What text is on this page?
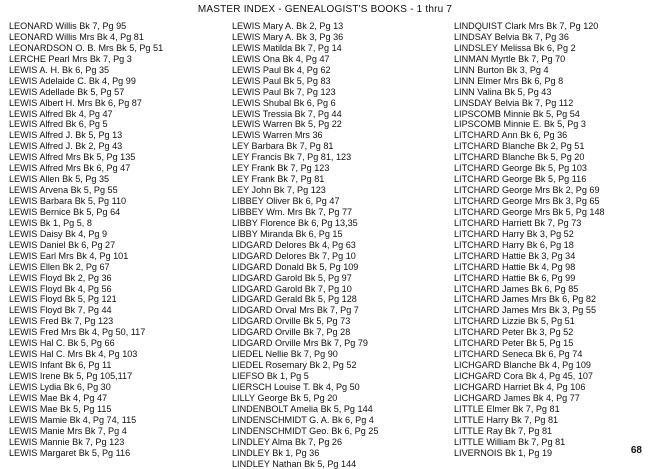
MASTER INDEX - GENEALOGIST'S BOOKS - 1 thru 7
LEONARD Willis Bk 7, Pg 95
LEONARD Willis Mrs Bk 4, Pg 81
LEONARDSON O. B. Mrs Bk 5, Pg 51
LERCHE Pearl Mrs Bk 7, Pg 3
LEWIS A. H. Bk 6, Pg 35
LEWIS Adelaide C. Bk 4, Pg 99
LEWIS Adellade Bk 5, Pg 57
LEWIS Albert H. Mrs Bk 6, Pg 87
LEWIS Alfred Bk 4, Pg 47
LEWIS Alfred Bk 6, Pg 5
LEWIS Alfred J. Bk 5, Pg 13
LEWIS Alfred J. Bk 2, Pg 43
LEWIS Alfred Mrs Bk 5, Pg 135
LEWIS Alfred Mrs Bk 6, Pg 47
LEWIS Allen Bk 5, Pg 35
LEWIS Arvena Bk 5, Pg 55
LEWIS Barbara Bk 5, Pg 110
LEWIS Bernice Bk 5, Pg 64
LEWIS Bk 1, Pg 5, 8
LEWIS Daisy Bk 4, Pg 9
LEWIS Daniel Bk 6, Pg 27
LEWIS Earl Mrs Bk 4, Pg 101
LEWIS Ellen Bk 2, Pg 67
LEWIS Floyd Bk 2, Pg 36
LEWIS Floyd Bk 4, Pg 56
LEWIS Floyd Bk 5, Pg 121
LEWIS Floyd Bk 7, Pg 44
LEWIS Fred Bk 7, Pg 123
LEWIS Fred Mrs Bk 4, Pg 50, 117
LEWIS Hal C. Bk 5, Pg 66
LEWIS Hal C. Mrs Bk 4, Pg 103
LEWIS Infant Bk 6, Pg 11
LEWIS Irene Bk 5, Pg 105,117
LEWIS Lydia Bk 6, Pg 30
LEWIS Mae Bk 4, Pg 47
LEWIS Mae Bk 5, Pg 115
LEWIS Mamie Bk 4, Pg 74, 115
LEWIS Manie Mrs Bk 7, Pg 4
LEWIS Mannie Bk 7, Pg 123
LEWIS Margaret Bk 5, Pg 116
LEWIS Mary A. Bk 2, Pg 13
LEWIS Mary A. Bk 3, Pg 36
LEWIS Matilda Bk 7, Pg 14
LEWIS Ona Bk 4, Pg 47
LEWIS Paul Bk 4, Pg 62
LEWIS Paul Bk 5, Pg 83
LEWIS Paul Bk 7, Pg 123
LEWIS Shubal Bk 6, Pg 6
LEWIS Tressia Bk 7, Pg 44
LEWIS Warren Bk 5, Pg 22
LEWIS Warren Mrs 36
LEY Barbara Bk 7, Pg 81
LEY Francis Bk 7, Pg 81, 123
LEY Frank Bk 7, Pg 123
LEY Frank Bk 7, Pg 81
LEY John Bk 7, Pg 123
LIBBEY Oliver Bk 6, Pg 47
LIBBEY Wm. Mrs Bk 7, Pg 77
LIBBY Florence Bk 6, Pg 13,35
LIBBY Miranda Bk 6, Pg 15
LIDGARD Delores Bk 4, Pg 63
LIDGARD Delores Bk 7, Pg 10
LIDGARD Donald Bk 5, Pg 109
LIDGARD Garold Bk 5, Pg 97
LIDGARD Garold Bk 7, Pg 10
LIDGARD Gerald Bk 5, Pg 128
LIDGARD Orval Mrs Bk 7, Pg 7
LIDGARD Orville Bk 5, Pg 73
LIDGARD Orville Bk 7, Pg 28
LIDGARD Orville Mrs Bk 7, Pg 79
LIEDEL Nellie Bk 7, Pg 90
LIEDEL Rosemary Bk 2, Pg 52
LIEFSO Bk 1, Pg 5
LIERSCH Louise T. Bk 4, Pg 50
LILLY George Bk 5, Pg 20
LINDENBOLT Amelia Bk 5, Pg 144
LINDENSCHMIDT G. A. Bk 6, Pg 4
LINDENSCHMIDT Geo. Bk 6, Pg 25
LINDLEY Alma Bk 7, Pg 26
LINDLEY Bk 1, Pg 36
LINDLEY Nathan Bk 5, Pg 144
LINDQUIST Clark Mrs Bk 7, Pg 120
LINDSAY Belvia Bk 7, Pg 36
LINDSLEY Melissa Bk 6, Pg 2
LINMAN Myrtle Bk 7, Pg 70
LINN Burton Bk 3, Pg 4
LINN Elmer Mrs Bk 6, Pg 8
LINN Valina Bk 5, Pg 43
LINSDAY Belvia Bk 7, Pg 112
LIPSCOMB Minnie Bk 5, Pg 54
LIPSCOMB Minnie E. Bk 5, Pg 3
LITCHARD Ann Bk 6, Pg 36
LITCHARD Blanche Bk 2, Pg 51
LITCHARD Blanche Bk 5, Pg 20
LITCHARD George Bk 5, Pg 103
LITCHARD George Bk 5, Pg 116
LITCHARD George Mrs Bk 2, Pg 69
LITCHARD George Mrs Bk 3, Pg 65
LITCHARD George Mrs Bk 5, Pg 148
LITCHARD Harriett Bk 7, Pg 73
LITCHARD Harry Bk 3, Pg 52
LITCHARD Harry Bk 6, Pg 18
LITCHARD Hattie Bk 3, Pg 34
LITCHARD Hattie Bk 4, Pg 98
LITCHARD Hattie Bk 6, Pg 99
LITCHARD James Bk 6, Pg 85
LITCHARD James Mrs Bk 6, Pg 82
LITCHARD James Mrs Bk 3, Pg 55
LITCHARD Lizzie Bk 5, Pg 51
LITCHARD Peter Bk 3, Pg 52
LITCHARD Peter Bk 5, Pg 15
LITCHARD Seneca Bk 6, Pg 74
LICHGARD Blanche Bk 4, Pg 109
LICHGARD Cora Bk 4, Pg 45, 107
LICHGARD Harriet Bk 4, Pg 106
LICHGARD James Bk 4, Pg 77
LITTLE Elmer Bk 7, Pg 81
LITTLE Harry Bk 7, Pg 81
LITTLE Ray Bk 7, Pg 81
LITTLE William Bk 7, Pg 81
LIVERNOIS Bk 1, Pg 19	68
